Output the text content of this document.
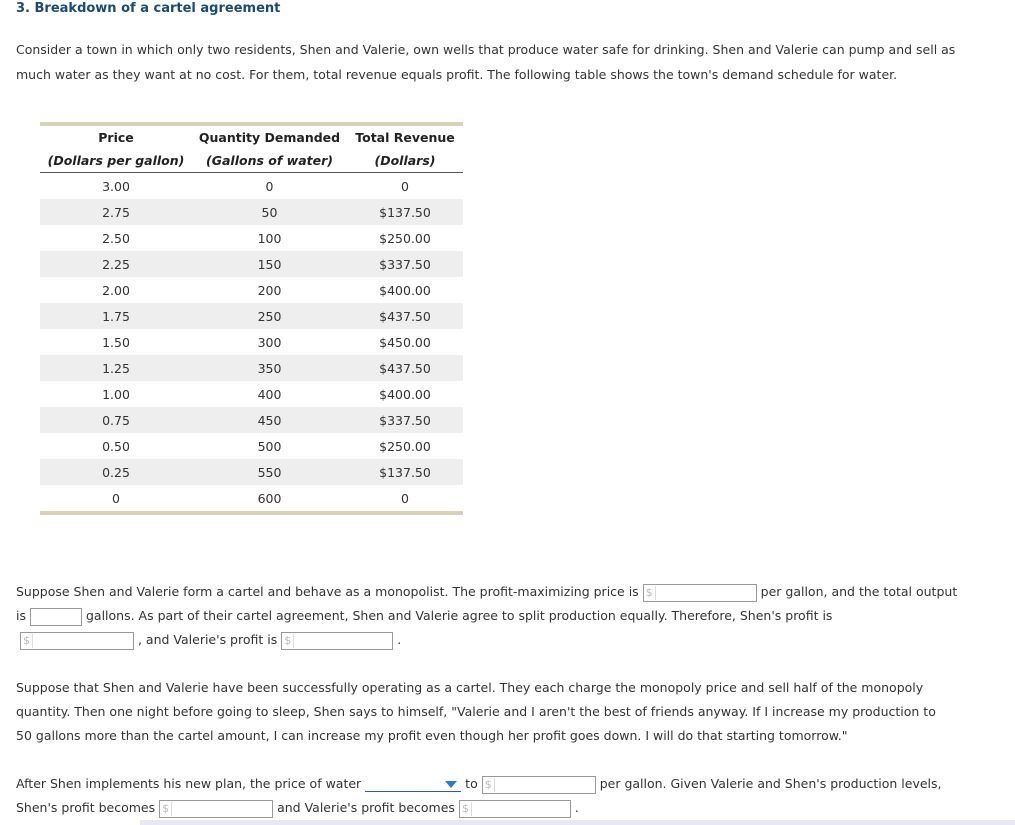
3. Breakdown of a cartel agreement
Consider a town in which only two residents, Shen and Valerie, own wells that produce water safe for drinking. Shen and Valerie can pump and sell as much water as they want at no cost. For them, total revenue equals profit. The following table shows the town's demand schedule for water.
Price	Quantity Demanded	Total Revenue
(Dollars per gallon)	(Gallons of water)	(Dollars)
3.00	0	0
2.75	50	$137.50
2.50	100	$250.00
2.25	150	$337.50
2.00	200	$400.00
1.75	250	$437.50
1.50	300	$450.00
1.25	350	$437.50
1.00	400	$400.00
0.75	450	$337.50
0.50	500	$250.00
0.25	550	$137.50
0	600	0
Suppose Shen and Valerie form a cartel and behave as a monopolist. The profit-maximizing price is $	per gallon, and the total output
is	gallons. As part of their cartel agreement, Shen and Valerie agree to split production equally. Therefore, Shen's profit is
$	, and Valerie's profit is $	.
Suppose that Shen and Valerie have been successfully operating as a cartel. They each charge the monopoly price and sell half of the monopoly quantity. Then one night before going to sleep, Shen says to himself, "Valerie and I aren't the best of friends anyway. If I increase my production to 50 gallons more than the cartel amount, I can increase my profit even though her profit goes down. I will do that starting tomorrow."
After Shen implements his new plan, the price of water	to $	per gallon. Given Valerie and Shen's production levels,
Shen's profit becomes $	and Valerie's profit becomes $	.
